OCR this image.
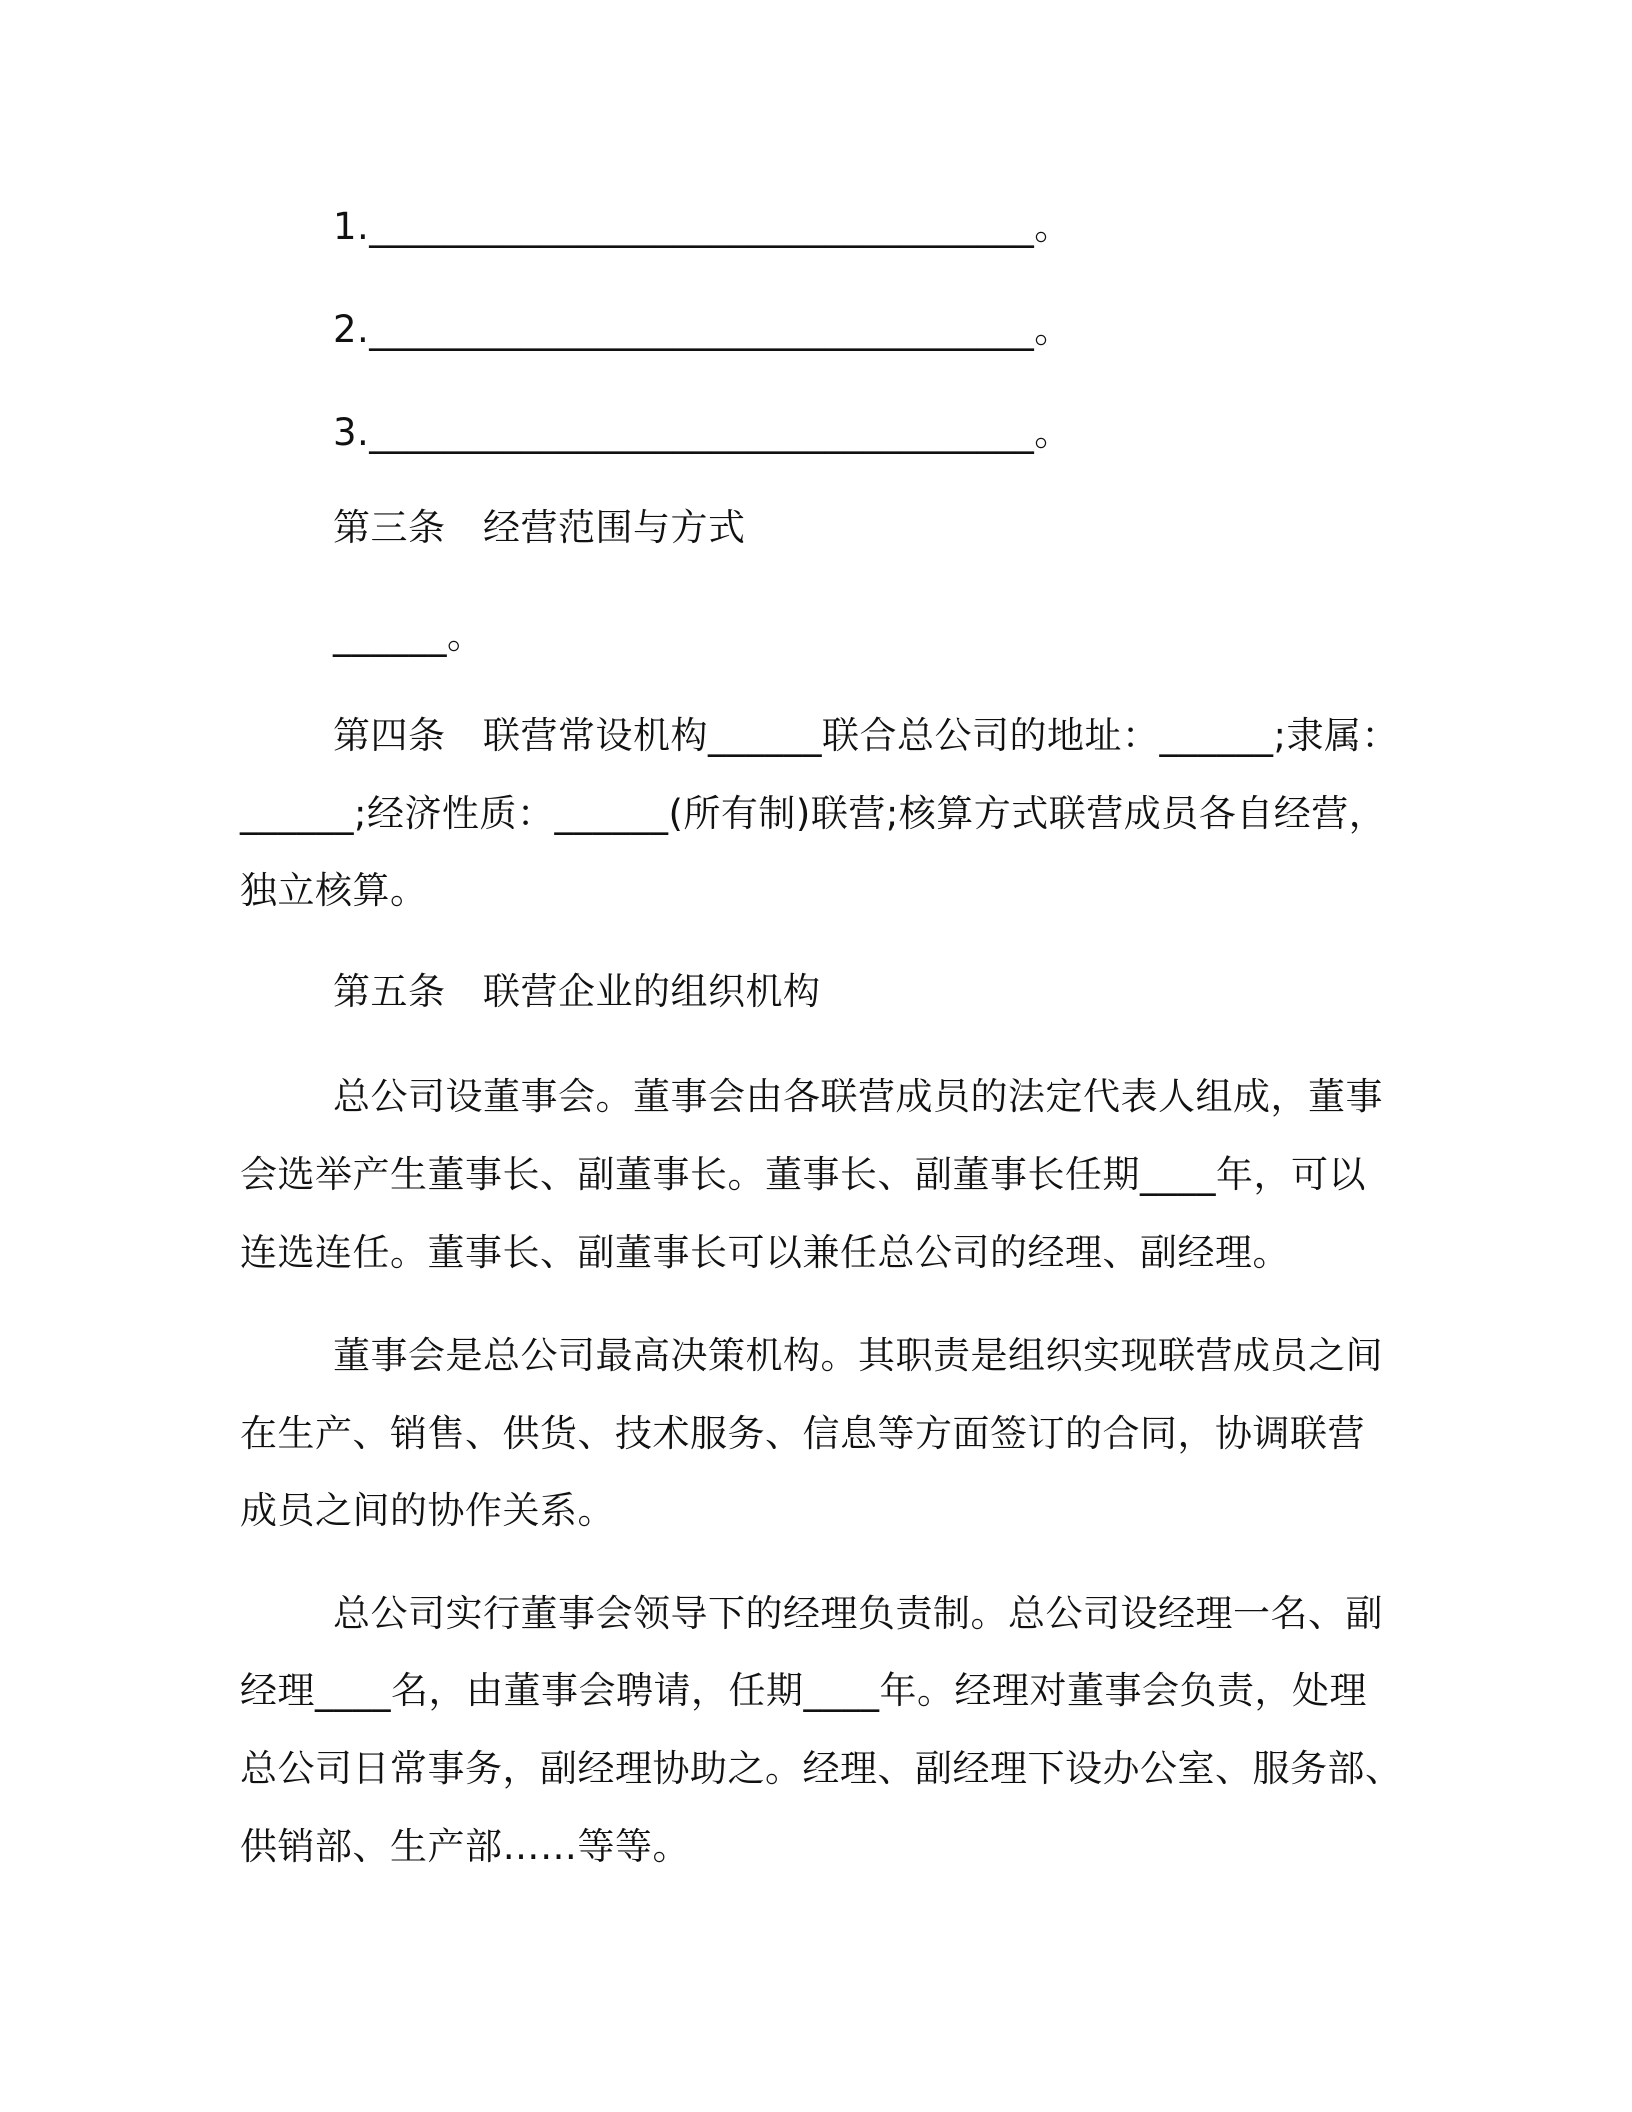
1.___________________________________。
2.___________________________________。
3.___________________________________。
第三条　经营范围与方式
______。
第四条　联营常设机构______联合总公司的地址：______;隶属：
______;经济性质：______(所有制)联营;核算方式联营成员各自经营，
独立核算。
第五条　联营企业的组织机构
总公司设董事会。董事会由各联营成员的法定代表人组成，董事
会选举产生董事长、副董事长。董事长、副董事长任期____年，可以
连选连任。董事长、副董事长可以兼任总公司的经理、副经理。
董事会是总公司最高决策机构。其职责是组织实现联营成员之间
在生产、销售、供货、技术服务、信息等方面签订的合同，协调联营
成员之间的协作关系。
总公司实行董事会领导下的经理负责制。总公司设经理一名、副
经理____名，由董事会聘请，任期____年。经理对董事会负责，处理
总公司日常事务，副经理协助之。经理、副经理下设办公室、服务部、
供销部、生产部……等等。
